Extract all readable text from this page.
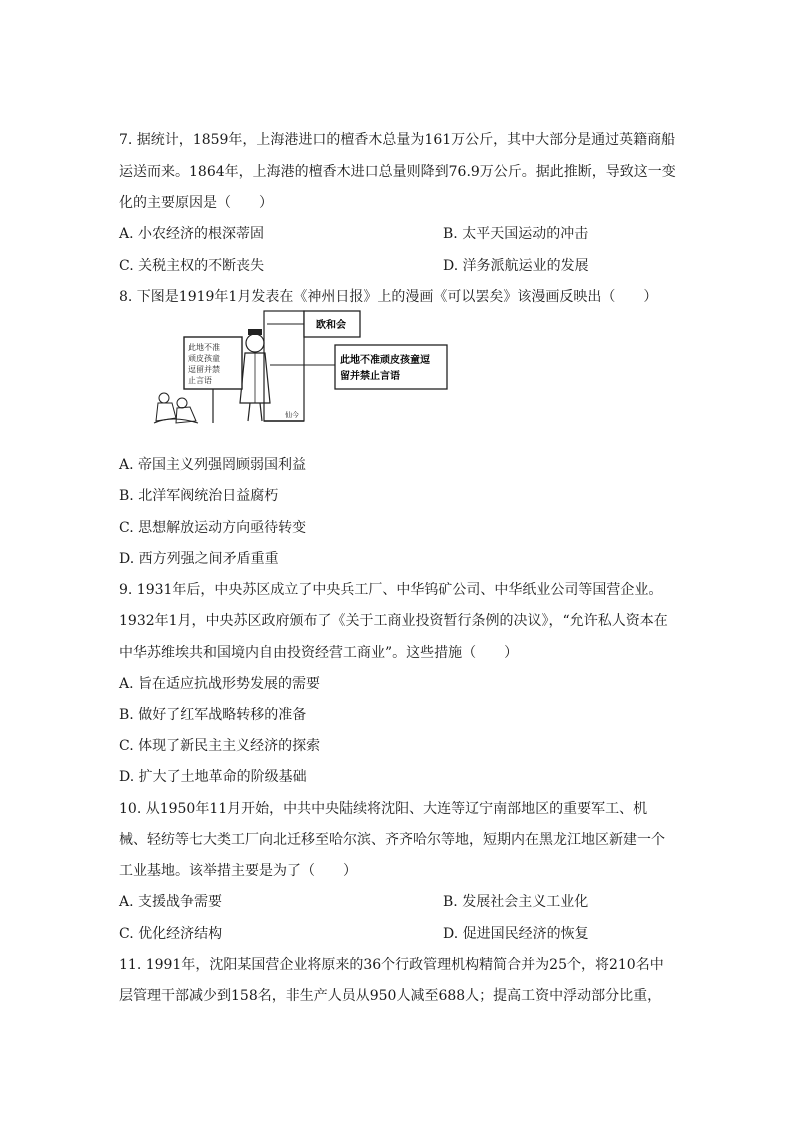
7. 据统计，1859年，上海港进口的檀香木总量为161万公斤，其中大部分是通过英籍商船
运送而来。1864年，上海港的檀香木进口总量则降到76.9万公斤。据此推断，导致这一变
化的主要原因是（　　）
A. 小农经济的根深蒂固	B. 太平天国运动的冲击
C. 关税主权的不断丧失	D. 洋务派航运业的发展
8. 下图是1919年1月发表在《神州日报》上的漫画《可以罢矣》该漫画反映出（　　）
此地不准
顽皮孩童
逗留并禁
止言语
仙今
欧和会
此地不准顽皮孩童逗
留并禁止言语
A. 帝国主义列强罔顾弱国利益
B. 北洋军阀统治日益腐朽
C. 思想解放运动方向亟待转变
D. 西方列强之间矛盾重重
9. 1931年后，中央苏区成立了中央兵工厂、中华钨矿公司、中华纸业公司等国营企业。
1932年1月，中央苏区政府颁布了《关于工商业投资暂行条例的决议》，“允许私人资本在
中华苏维埃共和国境内自由投资经营工商业”。这些措施（　　）
A. 旨在适应抗战形势发展的需要
B. 做好了红军战略转移的准备
C. 体现了新民主主义经济的探索
D. 扩大了土地革命的阶级基础
10. 从1950年11月开始，中共中央陆续将沈阳、大连等辽宁南部地区的重要军工、机
械、轻纺等七大类工厂向北迁移至哈尔滨、齐齐哈尔等地，短期内在黑龙江地区新建一个
工业基地。该举措主要是为了（　　）
A. 支援战争需要	B. 发展社会主义工业化
C. 优化经济结构	D. 促进国民经济的恢复
11. 1991年，沈阳某国营企业将原来的36个行政管理机构精简合并为25个，将210名中
层管理干部减少到158名，非生产人员从950人减至688人；提高工资中浮动部分比重，
